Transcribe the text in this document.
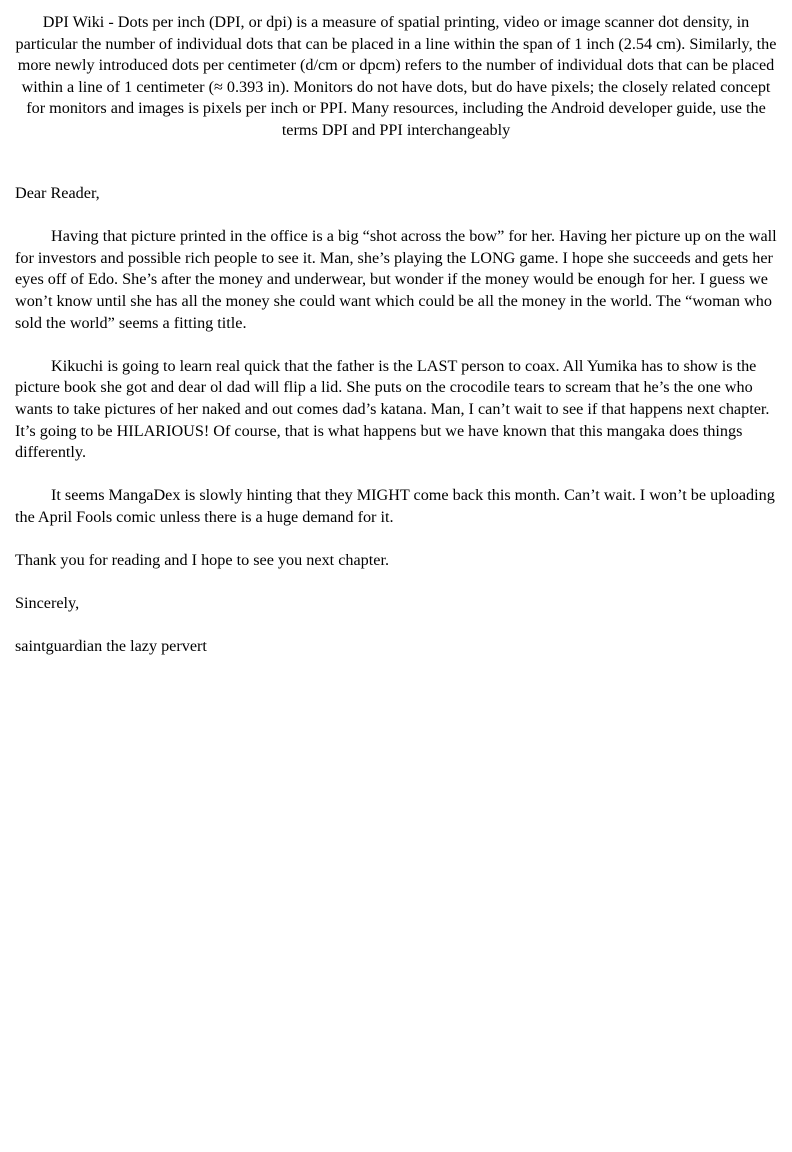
DPI Wiki - Dots per inch (DPI, or dpi) is a measure of spatial printing, video or image scanner dot density, in particular the number of individual dots that can be placed in a line within the span of 1 inch (2.54 cm). Similarly, the more newly introduced dots per centimeter (d/cm or dpcm) refers to the number of individual dots that can be placed within a line of 1 centimeter (≈ 0.393 in). Monitors do not have dots, but do have pixels; the closely related concept for monitors and images is pixels per inch or PPI. Many resources, including the Android developer guide, use the terms DPI and PPI interchangeably

Dear Reader,

Having that picture printed in the office is a big “shot across the bow” for her. Having her picture up on the wall for investors and possible rich people to see it. Man, she’s playing the LONG game. I hope she succeeds and gets her eyes off of Edo. She’s after the money and underwear, but wonder if the money would be enough for her. I guess we won’t know until she has all the money she could want which could be all the money in the world. The “woman who sold the world” seems a fitting title.

Kikuchi is going to learn real quick that the father is the LAST person to coax. All Yumika has to show is the picture book she got and dear ol dad will flip a lid. She puts on the crocodile tears to scream that he’s the one who wants to take pictures of her naked and out comes dad’s katana. Man, I can’t wait to see if that happens next chapter. It’s going to be HILARIOUS! Of course, that is what happens but we have known that this mangaka does things differently.

It seems MangaDex is slowly hinting that they MIGHT come back this month. Can’t wait. I won’t be uploading the April Fools comic unless there is a huge demand for it.

Thank you for reading and I hope to see you next chapter.

Sincerely,

saintguardian the lazy pervert
